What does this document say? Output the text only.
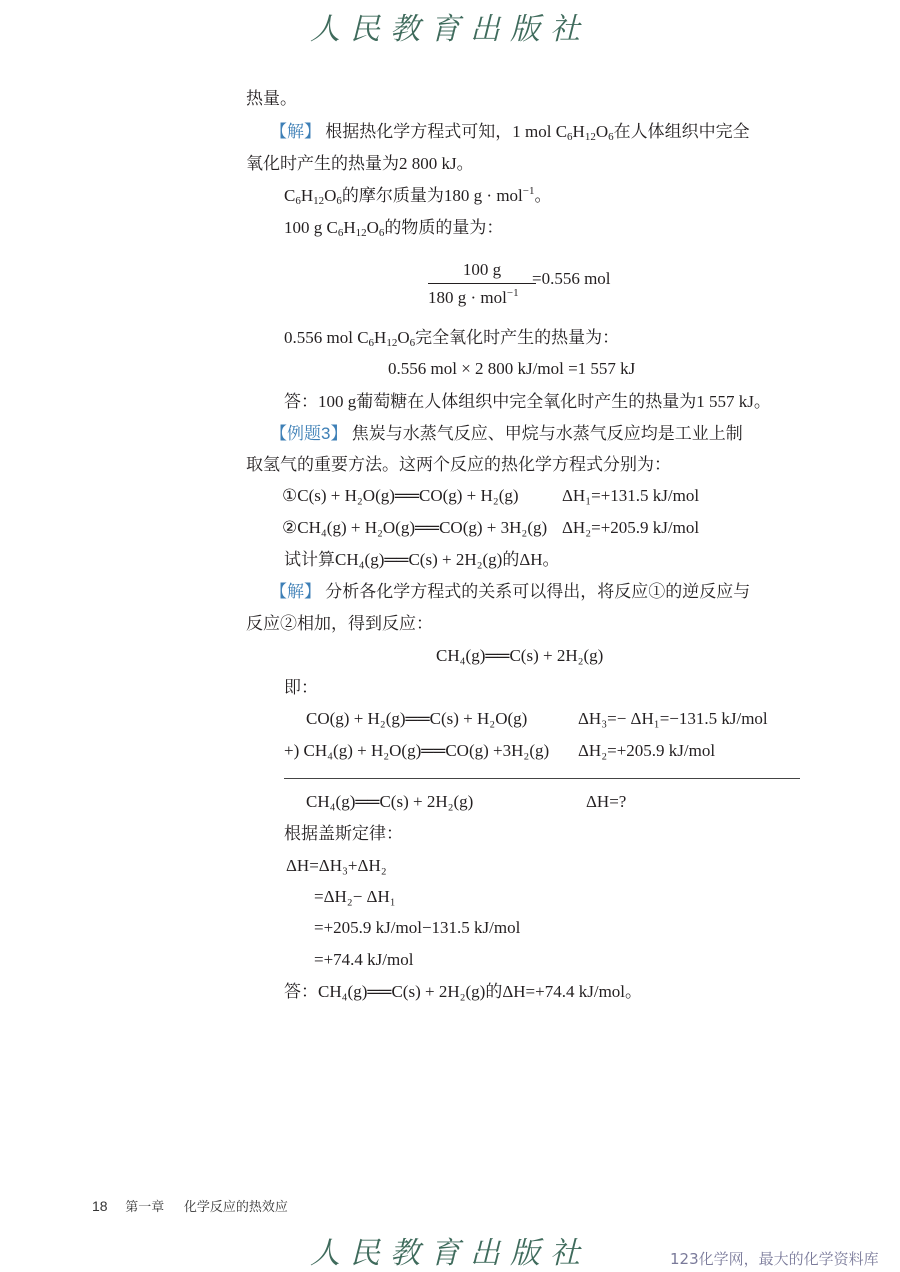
人民教育出版社
热量。
【解】 根据热化学方程式可知，1 mol $C_6H_{12}O_6$在人体组织中完全
氧化时产生的热量为2 800 kJ。
$C_6H_{12}O_6$的摩尔质量为180 g · mol$^{-1}$。
100 g $C_6H_{12}O_6$的物质的量为：
100 g
180 g · mol$^{-1}$
=0.556 mol
0.556 mol $C_6H_{12}O_6$完全氧化时产生的热量为：
0.556 mol × 2 800 kJ/mol =1 557 kJ
答：100 g葡萄糖在人体组织中完全氧化时产生的热量为1 557 kJ。
【例题3】 焦炭与水蒸气反应、甲烷与水蒸气反应均是工业上制
取氢气的重要方法。这两个反应的热化学方程式分别为：
①C(s) + H₂O(g)══CO(g) + H₂(g)	ΔH₁=+131.5 kJ/mol
②CH₄(g) + H₂O(g)══CO(g) + 3H₂(g) ΔH₂=+205.9 kJ/mol
试计算CH₄(g)══C(s) + 2H₂(g)的ΔH。
【解】 分析各化学方程式的关系可以得出，将反应①的逆反应与
反应②相加，得到反应：
CH₄(g)══C(s) + 2H₂(g)
即：
CO(g) + H₂(g)══C(s) + H₂O(g)	ΔH₃=− ΔH₁=−131.5 kJ/mol
+) CH₄(g) + H₂O(g)══CO(g) +3H₂(g) ΔH₂=+205.9 kJ/mol
CH₄(g)══C(s) + 2H₂(g)	ΔH=?
根据盖斯定律：
ΔH=ΔH₃+ΔH₂
=ΔH₂− ΔH₁
=+205.9 kJ/mol−131.5 kJ/mol
=+74.4 kJ/mol
答：CH₄(g)══C(s) + 2H₂(g)的ΔH=+74.4 kJ/mol。
18 第一章 化学反应的热效应
人民教育出版社	123化学网，最大的化学资料库
